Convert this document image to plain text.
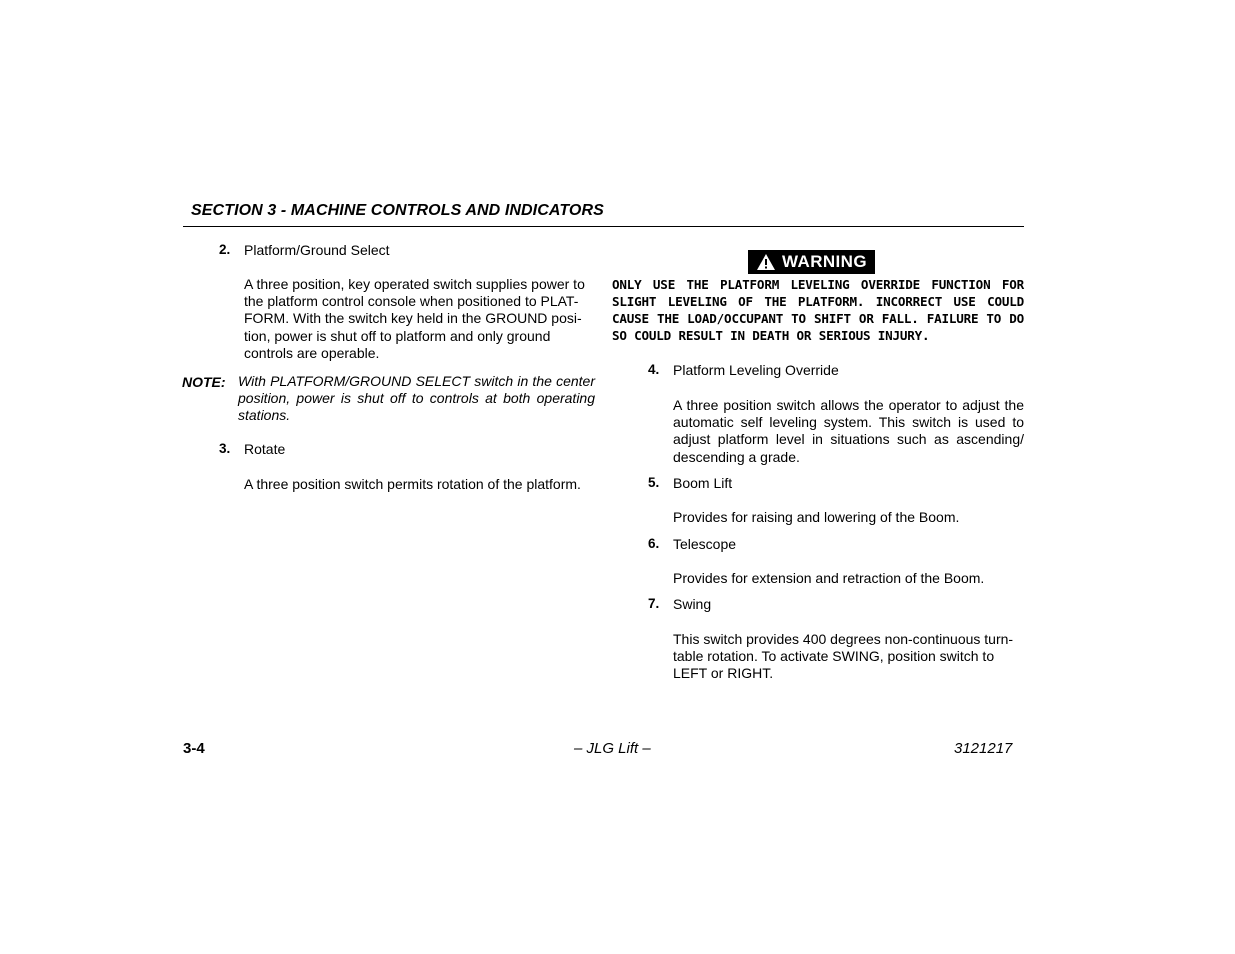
SECTION 3 - MACHINE CONTROLS AND INDICATORS
2. Platform/Ground Select
A three position, key operated switch supplies power to the platform control console when positioned to PLAT-FORM. With the switch key held in the GROUND posi-tion, power is shut off to platform and only ground controls are operable.
NOTE: With PLATFORM/GROUND SELECT switch in the center position, power is shut off to controls at both operating stations.
3. Rotate
A three position switch permits rotation of the platform.
WARNING
ONLY USE THE PLATFORM LEVELING OVERRIDE FUNCTION FOR SLIGHT LEVELING OF THE PLATFORM. INCORRECT USE COULD CAUSE THE LOAD/OCCUPANT TO SHIFT OR FALL. FAILURE TO DO SO COULD RESULT IN DEATH OR SERIOUS INJURY.
4. Platform Leveling Override
A three position switch allows the operator to adjust the automatic self leveling system. This switch is used to adjust platform level in situations such as ascending/ descending a grade.
5. Boom Lift
Provides for raising and lowering of the Boom.
6. Telescope
Provides for extension and retraction of the Boom.
7. Swing
This switch provides 400 degrees non-continuous turn-table rotation. To activate SWING, position switch to LEFT or RIGHT.
3-4	– JLG Lift –	3121217
